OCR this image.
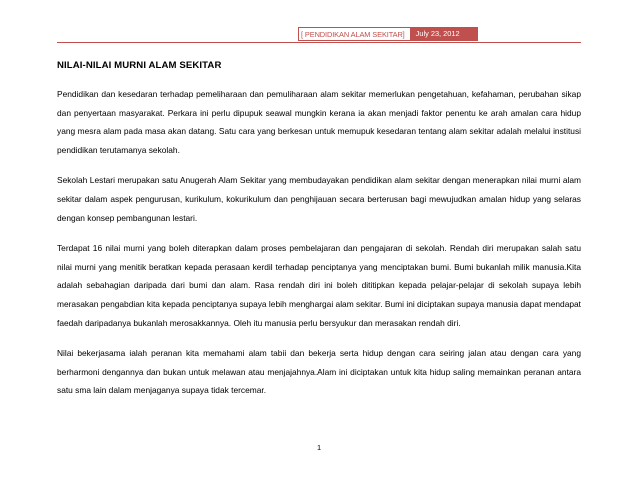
[ PENDIDIKAN ALAM SEKITAR]	July 23, 2012
NILAI-NILAI MURNI ALAM SEKITAR

Pendidikan dan kesedaran terhadap pemeliharaan dan pemuliharaan alam sekitar memerlukan pengetahuan, kefahaman, perubahan sikap dan penyertaan masyarakat. Perkara ini perlu dipupuk seawal mungkin kerana ia akan menjadi faktor penentu ke arah amalan cara hidup yang mesra alam pada masa akan datang. Satu cara yang berkesan untuk memupuk kesedaran tentang alam sekitar adalah melalui institusi pendidikan terutamanya sekolah.

Sekolah Lestari merupakan satu Anugerah Alam Sekitar yang membudayakan pendidikan alam sekitar dengan menerapkan nilai murni alam sekitar dalam aspek pengurusan, kurikulum, kokurikulum dan penghijauan secara berterusan bagi mewujudkan amalan hidup yang selaras dengan konsep pembangunan lestari.

Terdapat 16 nilai murni yang boleh diterapkan dalam proses pembelajaran dan pengajaran di sekolah. Rendah diri merupakan salah satu nilai murni yang menitik beratkan kepada perasaan kerdil terhadap penciptanya yang menciptakan bumi. Bumi bukanlah milik manusia.Kita adalah sebahagian daripada dari bumi dan alam. Rasa rendah diri ini boleh dititipkan kepada pelajar-pelajar di sekolah supaya lebih merasakan pengabdian kita kepada penciptanya supaya lebih menghargai alam sekitar. Bumi ini diciptakan supaya manusia dapat mendapat faedah daripadanya bukanlah merosakkannya. Oleh itu manusia perlu bersyukur dan merasakan rendah diri.

Nilai bekerjasama ialah peranan kita memahami alam tabii dan bekerja serta hidup dengan cara seiring jalan atau dengan cara yang berharmoni dengannya dan bukan untuk melawan atau menjajahnya.Alam ini diciptakan untuk kita hidup saling memainkan peranan antara satu sma lain dalam menjaganya supaya tidak tercemar.

1
